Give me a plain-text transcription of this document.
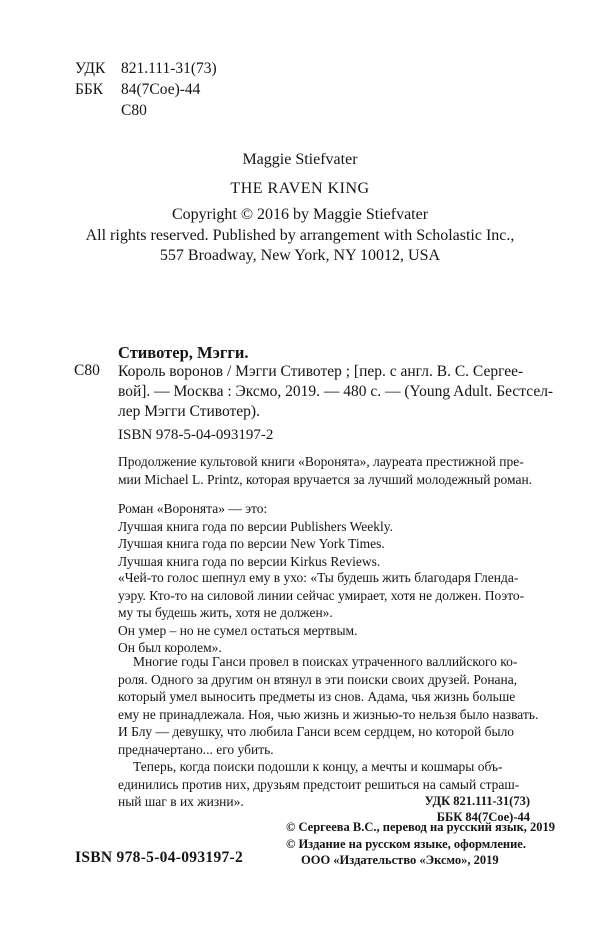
УДК 821.111-31(73)
ББК 84(7Сое)-44
С80

Maggie Stiefvater

THE RAVEN KING

Copyright © 2016 by Maggie Stiefvater
All rights reserved. Published by arrangement with Scholastic Inc.,
557 Broadway, New York, NY 10012, USA

Стивотер, Мэгги.

С80 Король воронов / Мэгги Стивотер ; [пер. с англ. В. С. Сергее-
вой]. — Москва : Эксмо, 2019. — 480 с. — (Young Adult. Бестсел-
лер Мэгги Стивотер).

ISBN 978-5-04-093197-2

Продолжение культовой книги «Воронята», лауреата престижной пре-
мии Michael L. Printz, которая вручается за лучший молодежный роман.
Роман «Воронята» — это:
Лучшая книга года по версии Publishers Weekly.
Лучшая книга года по версии New York Times.
Лучшая книга года по версии Kirkus Reviews.
«Чей-то голос шепнул ему в ухо: «Ты будешь жить благодаря Гленда-
уэру. Кто-то на силовой линии сейчас умирает, хотя не должен. Поэто-
му ты будешь жить, хотя не должен».
Он умер – но не сумел остаться мертвым.
Он был королем».
Многие годы Ганси провел в поисках утраченного валлийского ко-
роля. Одного за другим он втянул в эти поиски своих друзей. Ронана,
который умел выносить предметы из снов. Адама, чья жизнь больше
ему не принадлежала. Ноя, чью жизнь и жизнью-то нельзя было назвать.
И Блу — девушку, что любила Ганси всем сердцем, но которой было
предначертано... его убить.
Теперь, когда поиски подошли к концу, а мечты и кошмары объ-
единились против них, друзьям предстоит решиться на самый страш-
ный шаг в их жизни».	УДК 821.111-31(73)
ББК 84(7Сое)-44

ISBN 978-5-04-093197-2

© Сергеева В.С., перевод на русский язык, 2019
© Издание на русском языке, оформление.
ООО «Издательство «Эксмо», 2019
